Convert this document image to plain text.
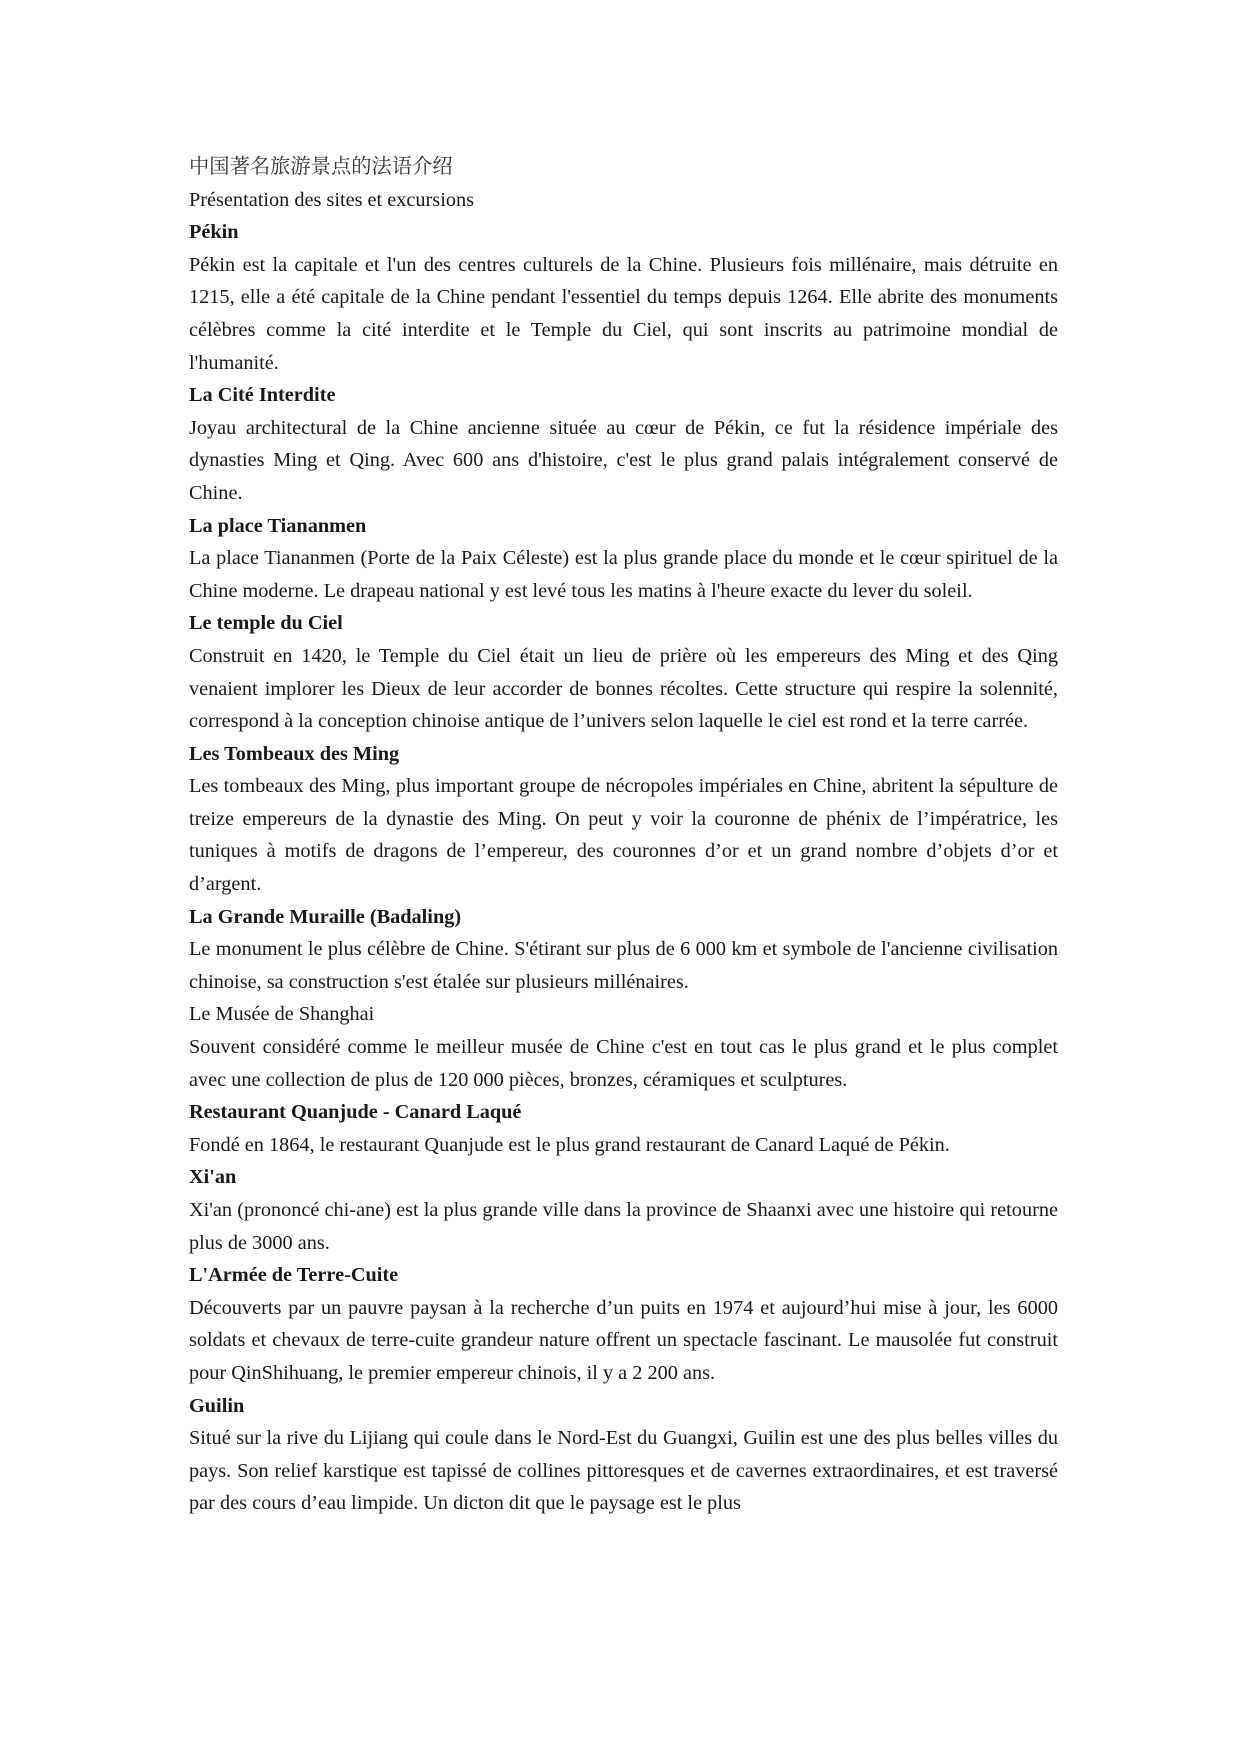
中国著名旅游景点的法语介绍

Présentation des sites et excursions

Pékin

Pékin est la capitale et l'un des centres culturels de la Chine. Plusieurs fois millénaire, mais détruite en 1215, elle a été capitale de la Chine pendant l'essentiel du temps depuis 1264. Elle abrite des monuments célèbres comme la cité interdite et le Temple du Ciel, qui sont inscrits au patrimoine mondial de l'humanité.

La Cité Interdite

Joyau architectural de la Chine ancienne située au cœur de Pékin, ce fut la résidence impériale des dynasties Ming et Qing. Avec 600 ans d'histoire, c'est le plus grand palais intégralement conservé de Chine.

La place Tiananmen

La place Tiananmen (Porte de la Paix Céleste) est la plus grande place du monde et le cœur spirituel de la Chine moderne. Le drapeau national y est levé tous les matins à l'heure exacte du lever du soleil.

Le temple du Ciel

Construit en 1420, le Temple du Ciel était un lieu de prière où les empereurs des Ming et des Qing venaient implorer les Dieux de leur accorder de bonnes récoltes. Cette structure qui respire la solennité, correspond à la conception chinoise antique de l’univers selon laquelle le ciel est rond et la terre carrée.

Les Tombeaux des Ming

Les tombeaux des Ming, plus important groupe de nécropoles impériales en Chine, abritent la sépulture de treize empereurs de la dynastie des Ming. On peut y voir la couronne de phénix de l’impératrice, les tuniques à motifs de dragons de l’empereur, des couronnes d’or et un grand nombre d’objets d’or et d’argent.

La Grande Muraille (Badaling)

Le monument le plus célèbre de Chine. S'étirant sur plus de 6 000 km et symbole de l'ancienne civilisation chinoise, sa construction s'est étalée sur plusieurs millénaires.

Le Musée de Shanghai

Souvent considéré comme le meilleur musée de Chine c'est en tout cas le plus grand et le plus complet avec une collection de plus de 120 000 pièces, bronzes, céramiques et sculptures.

Restaurant Quanjude - Canard Laqué

Fondé en 1864, le restaurant Quanjude est le plus grand restaurant de Canard Laqué de Pékin.

Xi'an

Xi'an (prononcé chi-ane) est la plus grande ville dans la province de Shaanxi avec une histoire qui retourne plus de 3000 ans.

L'Armée de Terre-Cuite

Découverts par un pauvre paysan à la recherche d’un puits en 1974 et aujourd’hui mise à jour, les 6000 soldats et chevaux de terre-cuite grandeur nature offrent un spectacle fascinant. Le mausolée fut construit pour QinShihuang, le premier empereur chinois, il y a 2 200 ans.

Guilin

Situé sur la rive du Lijiang qui coule dans le Nord-Est du Guangxi, Guilin est une des plus belles villes du pays. Son relief karstique est tapissé de collines pittoresques et de cavernes extraordinaires, et est traversé par des cours d’eau limpide. Un dicton dit que le paysage est le plus
